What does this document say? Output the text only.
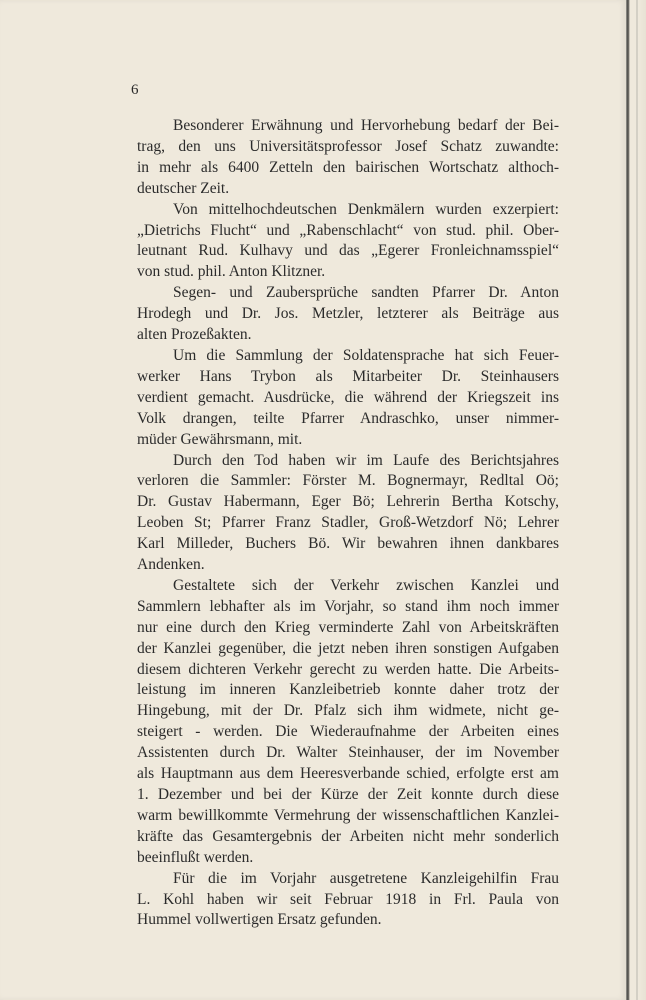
6
Besonderer Erwähnung und Hervorhebung bedarf der Bei-
trag, den uns Universitätsprofessor Josef Schatz zuwandte:
in mehr als 6400 Zetteln den bairischen Wortschatz althoch-
deutscher Zeit.
Von mittelhochdeutschen Denkmälern wurden exzerpiert:
„Dietrichs Flucht“ und „Rabenschlacht“ von stud. phil. Ober-
leutnant Rud. Kulhavy und das „Egerer Fronleichnamsspiel“
von stud. phil. Anton Klitzner.
Segen- und Zaubersprüche sandten Pfarrer Dr. Anton
Hrodegh und Dr. Jos. Metzler, letzterer als Beiträge aus
alten Prozeßakten.
Um die Sammlung der Soldatensprache hat sich Feuer-
werker Hans Trybon als Mitarbeiter Dr. Steinhausers
verdient gemacht. Ausdrücke, die während der Kriegszeit ins
Volk drangen, teilte Pfarrer Andraschko, unser nimmer-
müder Gewährsmann, mit.
Durch den Tod haben wir im Laufe des Berichtsjahres
verloren die Sammler: Förster M. Bognermayr, Redltal Oö;
Dr. Gustav Habermann, Eger Bö; Lehrerin Bertha Kotschy,
Leoben St; Pfarrer Franz Stadler, Groß-Wetzdorf Nö; Lehrer
Karl Milleder, Buchers Bö. Wir bewahren ihnen dankbares
Andenken.
Gestaltete sich der Verkehr zwischen Kanzlei und
Sammlern lebhafter als im Vorjahr, so stand ihm noch immer
nur eine durch den Krieg verminderte Zahl von Arbeitskräften
der Kanzlei gegenüber, die jetzt neben ihren sonstigen Aufgaben
diesem dichteren Verkehr gerecht zu werden hatte. Die Arbeits-
leistung im inneren Kanzleibetrieb konnte daher trotz der
Hingebung, mit der Dr. Pfalz sich ihm widmete, nicht ge-
steigert - werden. Die Wiederaufnahme der Arbeiten eines
Assistenten durch Dr. Walter Steinhauser, der im November
als Hauptmann aus dem Heeresverbande schied, erfolgte erst am
1. Dezember und bei der Kürze der Zeit konnte durch diese
warm bewillkommte Vermehrung der wissenschaftlichen Kanzlei-
kräfte das Gesamtergebnis der Arbeiten nicht mehr sonderlich
beeinflußt werden.
Für die im Vorjahr ausgetretene Kanzleigehilfin Frau
L. Kohl haben wir seit Februar 1918 in Frl. Paula von
Hummel vollwertigen Ersatz gefunden.
